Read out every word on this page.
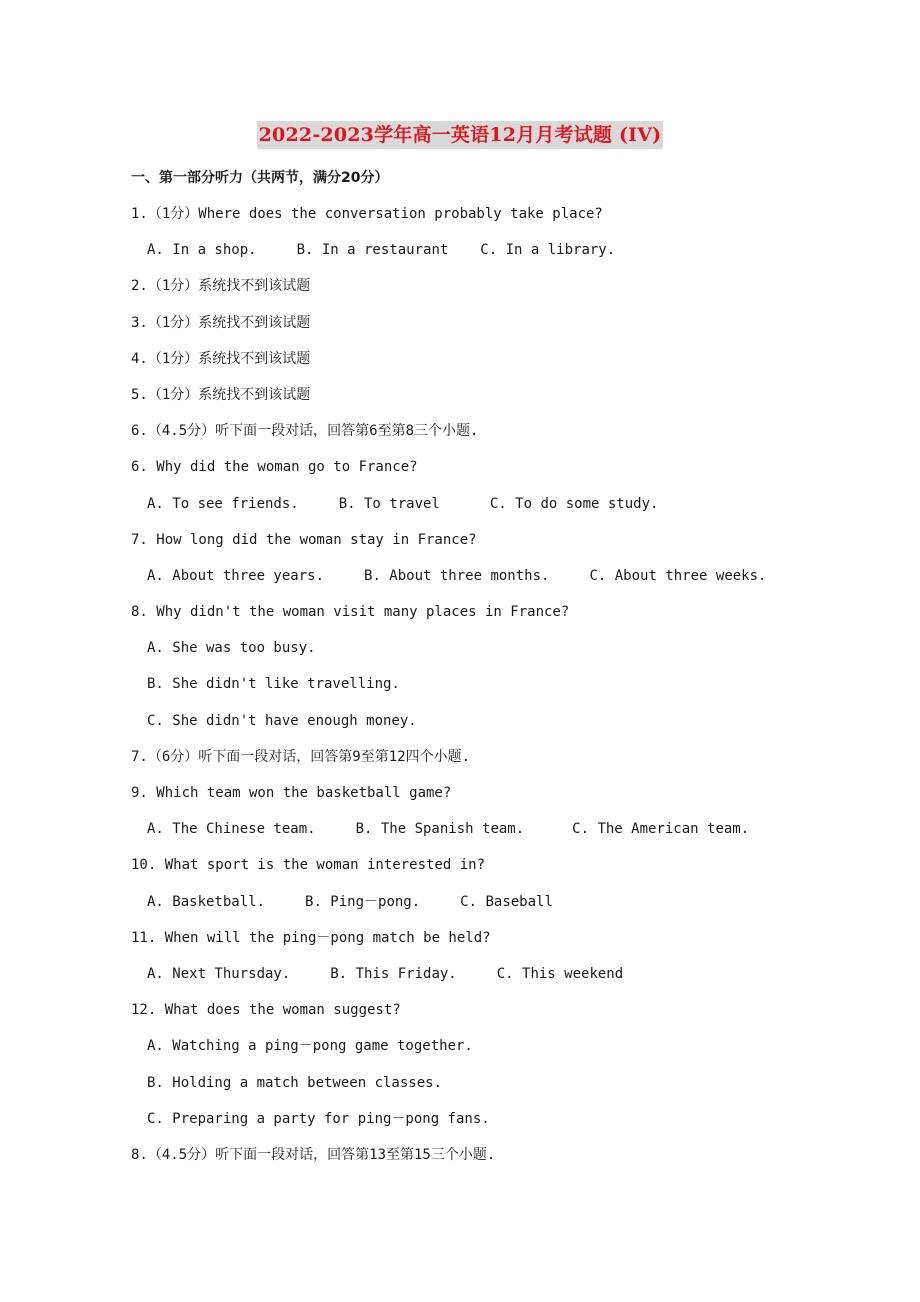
2022-2023学年高一英语12月月考试题 (IV)
一、第一部分听力（共两节，满分20分）
1.（1分）Where does the conversation probably take place?
A. In a shop.	B. In a restaurant C. In a library.
2.（1分）系统找不到该试题
3.（1分）系统找不到该试题
4.（1分）系统找不到该试题
5.（1分）系统找不到该试题
6.（4.5分）听下面一段对话，回答第6至第8三个小题.
6. Why did the woman go to France?
A. To see friends.	B. To travel	C. To do some study.
7. How long did the woman stay in France?
A. About three years.	B. About three months.	C. About three weeks.
8. Why didn't the woman visit many places in France?
A. She was too busy.
B. She didn't like travelling.
C. She didn't have enough money.
7.（6分）听下面一段对话，回答第9至第12四个小题.
9. Which team won the basketball game?
A. The Chinese team.	B. The Spanish team.	C. The American team.
10. What sport is the woman interested in?
A. Basketball.	B. Ping－pong.	C. Baseball
11. When will the ping－pong match be held?
A. Next Thursday.	B. This Friday.	C. This weekend
12. What does the woman suggest?
A. Watching a ping－pong game together.
B. Holding a match between classes.
C. Preparing a party for ping－pong fans.
8.（4.5分）听下面一段对话，回答第13至第15三个小题.
